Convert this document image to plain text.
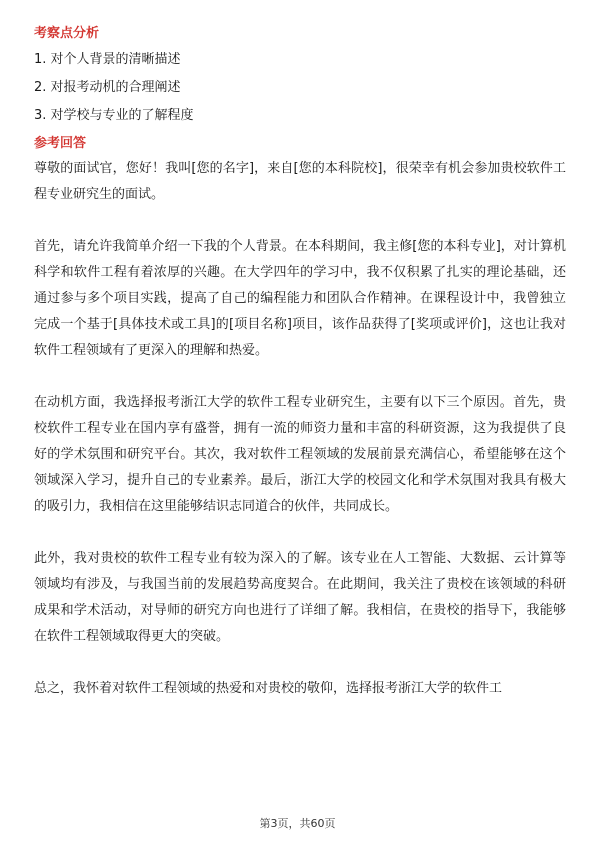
考察点分析
1. 对个人背景的清晰描述
2. 对报考动机的合理阐述
3. 对学校与专业的了解程度
参考回答

尊敬的面试官，您好！我叫[您的名字]，来自[您的本科院校]，很荣幸有机会参加贵校软件工程专业研究生的面试。

首先，请允许我简单介绍一下我的个人背景。在本科期间，我主修[您的本科专业]，对计算机科学和软件工程有着浓厚的兴趣。在大学四年的学习中，我不仅积累了扎实的理论基础，还通过参与多个项目实践，提高了自己的编程能力和团队合作精神。在课程设计中，我曾独立完成一个基于[具体技术或工具]的[项目名称]项目，该作品获得了[奖项或评价]，这也让我对软件工程领域有了更深入的理解和热爱。

在动机方面，我选择报考浙江大学的软件工程专业研究生，主要有以下三个原因。首先，贵校软件工程专业在国内享有盛誉，拥有一流的师资力量和丰富的科研资源，这为我提供了良好的学术氛围和研究平台。其次，我对软件工程领域的发展前景充满信心，希望能够在这个领域深入学习，提升自己的专业素养。最后，浙江大学的校园文化和学术氛围对我具有极大的吸引力，我相信在这里能够结识志同道合的伙伴，共同成长。

此外，我对贵校的软件工程专业有较为深入的了解。该专业在人工智能、大数据、云计算等领域均有涉及，与我国当前的发展趋势高度契合。在此期间，我关注了贵校在该领域的科研成果和学术活动，对导师的研究方向也进行了详细了解。我相信，在贵校的指导下，我能够在软件工程领域取得更大的突破。

总之，我怀着对软件工程领域的热爱和对贵校的敬仰，选择报考浙江大学的软件工

第3页，共60页
